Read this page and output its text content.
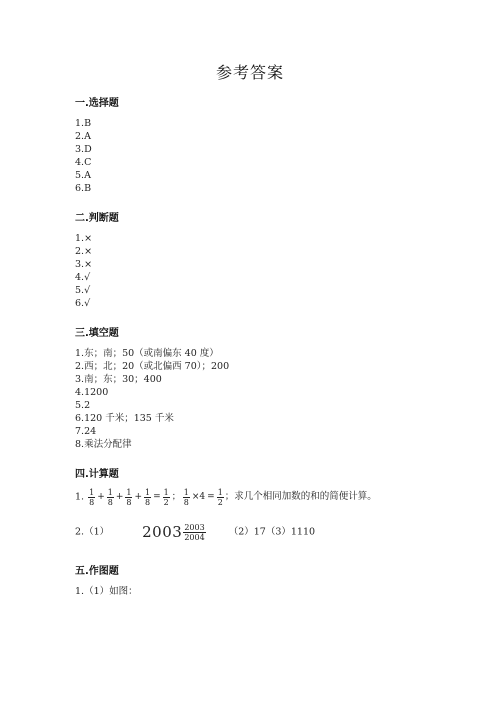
参考答案
一.选择题
1.B
2.A
3.D
4.C
5.A
6.B
二.判断题
1.×
2.×
3.×
4.√
5.√
6.√
三.填空题
1.东；南；50（或南偏东 40 度）
2.西；北；20（或北偏西 70）；200
3.南；东；30；400
4.1200
5.2
6.120 千米；135 千米
7.24
8.乘法分配律
四.计算题
1. $\frac{1}{8} + \frac{1}{8} + \frac{1}{8} + \frac{1}{8} = \frac{1}{2}$ ； $\frac{1}{8} \times 4 = \frac{1}{2}$ ；求几个相同加数的和的简便计算。
2.（1） $2003 \frac{2003}{2004} (2)17(3)1110$
五.作图题
1.（1）如图：
